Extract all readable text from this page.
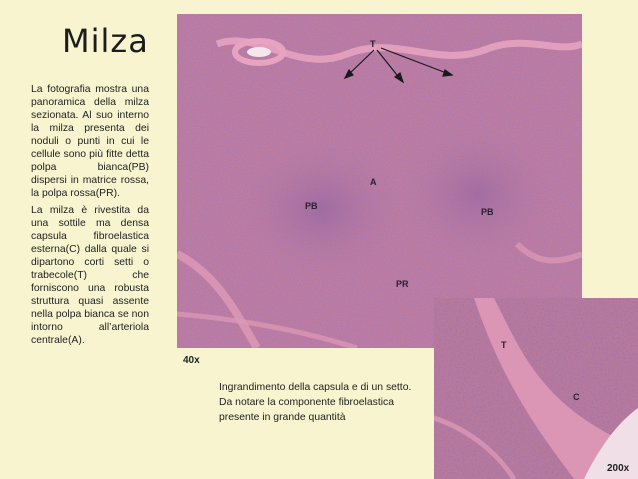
Milza

La fotografia mostra una panoramica della milza sezionata. Al suo interno la milza presenta dei noduli o punti in cui le cellule sono più fitte detta polpa bianca(PB) dispersi in matrice rossa, la polpa rossa(PR).

La milza è rivestita da una sottile ma densa capsula fibroelastica esterna(C) dalla quale si dipartono corti setti o trabecole(T) che forniscono una robusta struttura quasi assente nella polpa bianca se non intorno all’arteriola centrale(A).

T
A
PB
PB
PR
40x
T
C
200x

Ingrandimento della capsula e di un setto. Da notare la componente fibroelastica presente in grande quantità
